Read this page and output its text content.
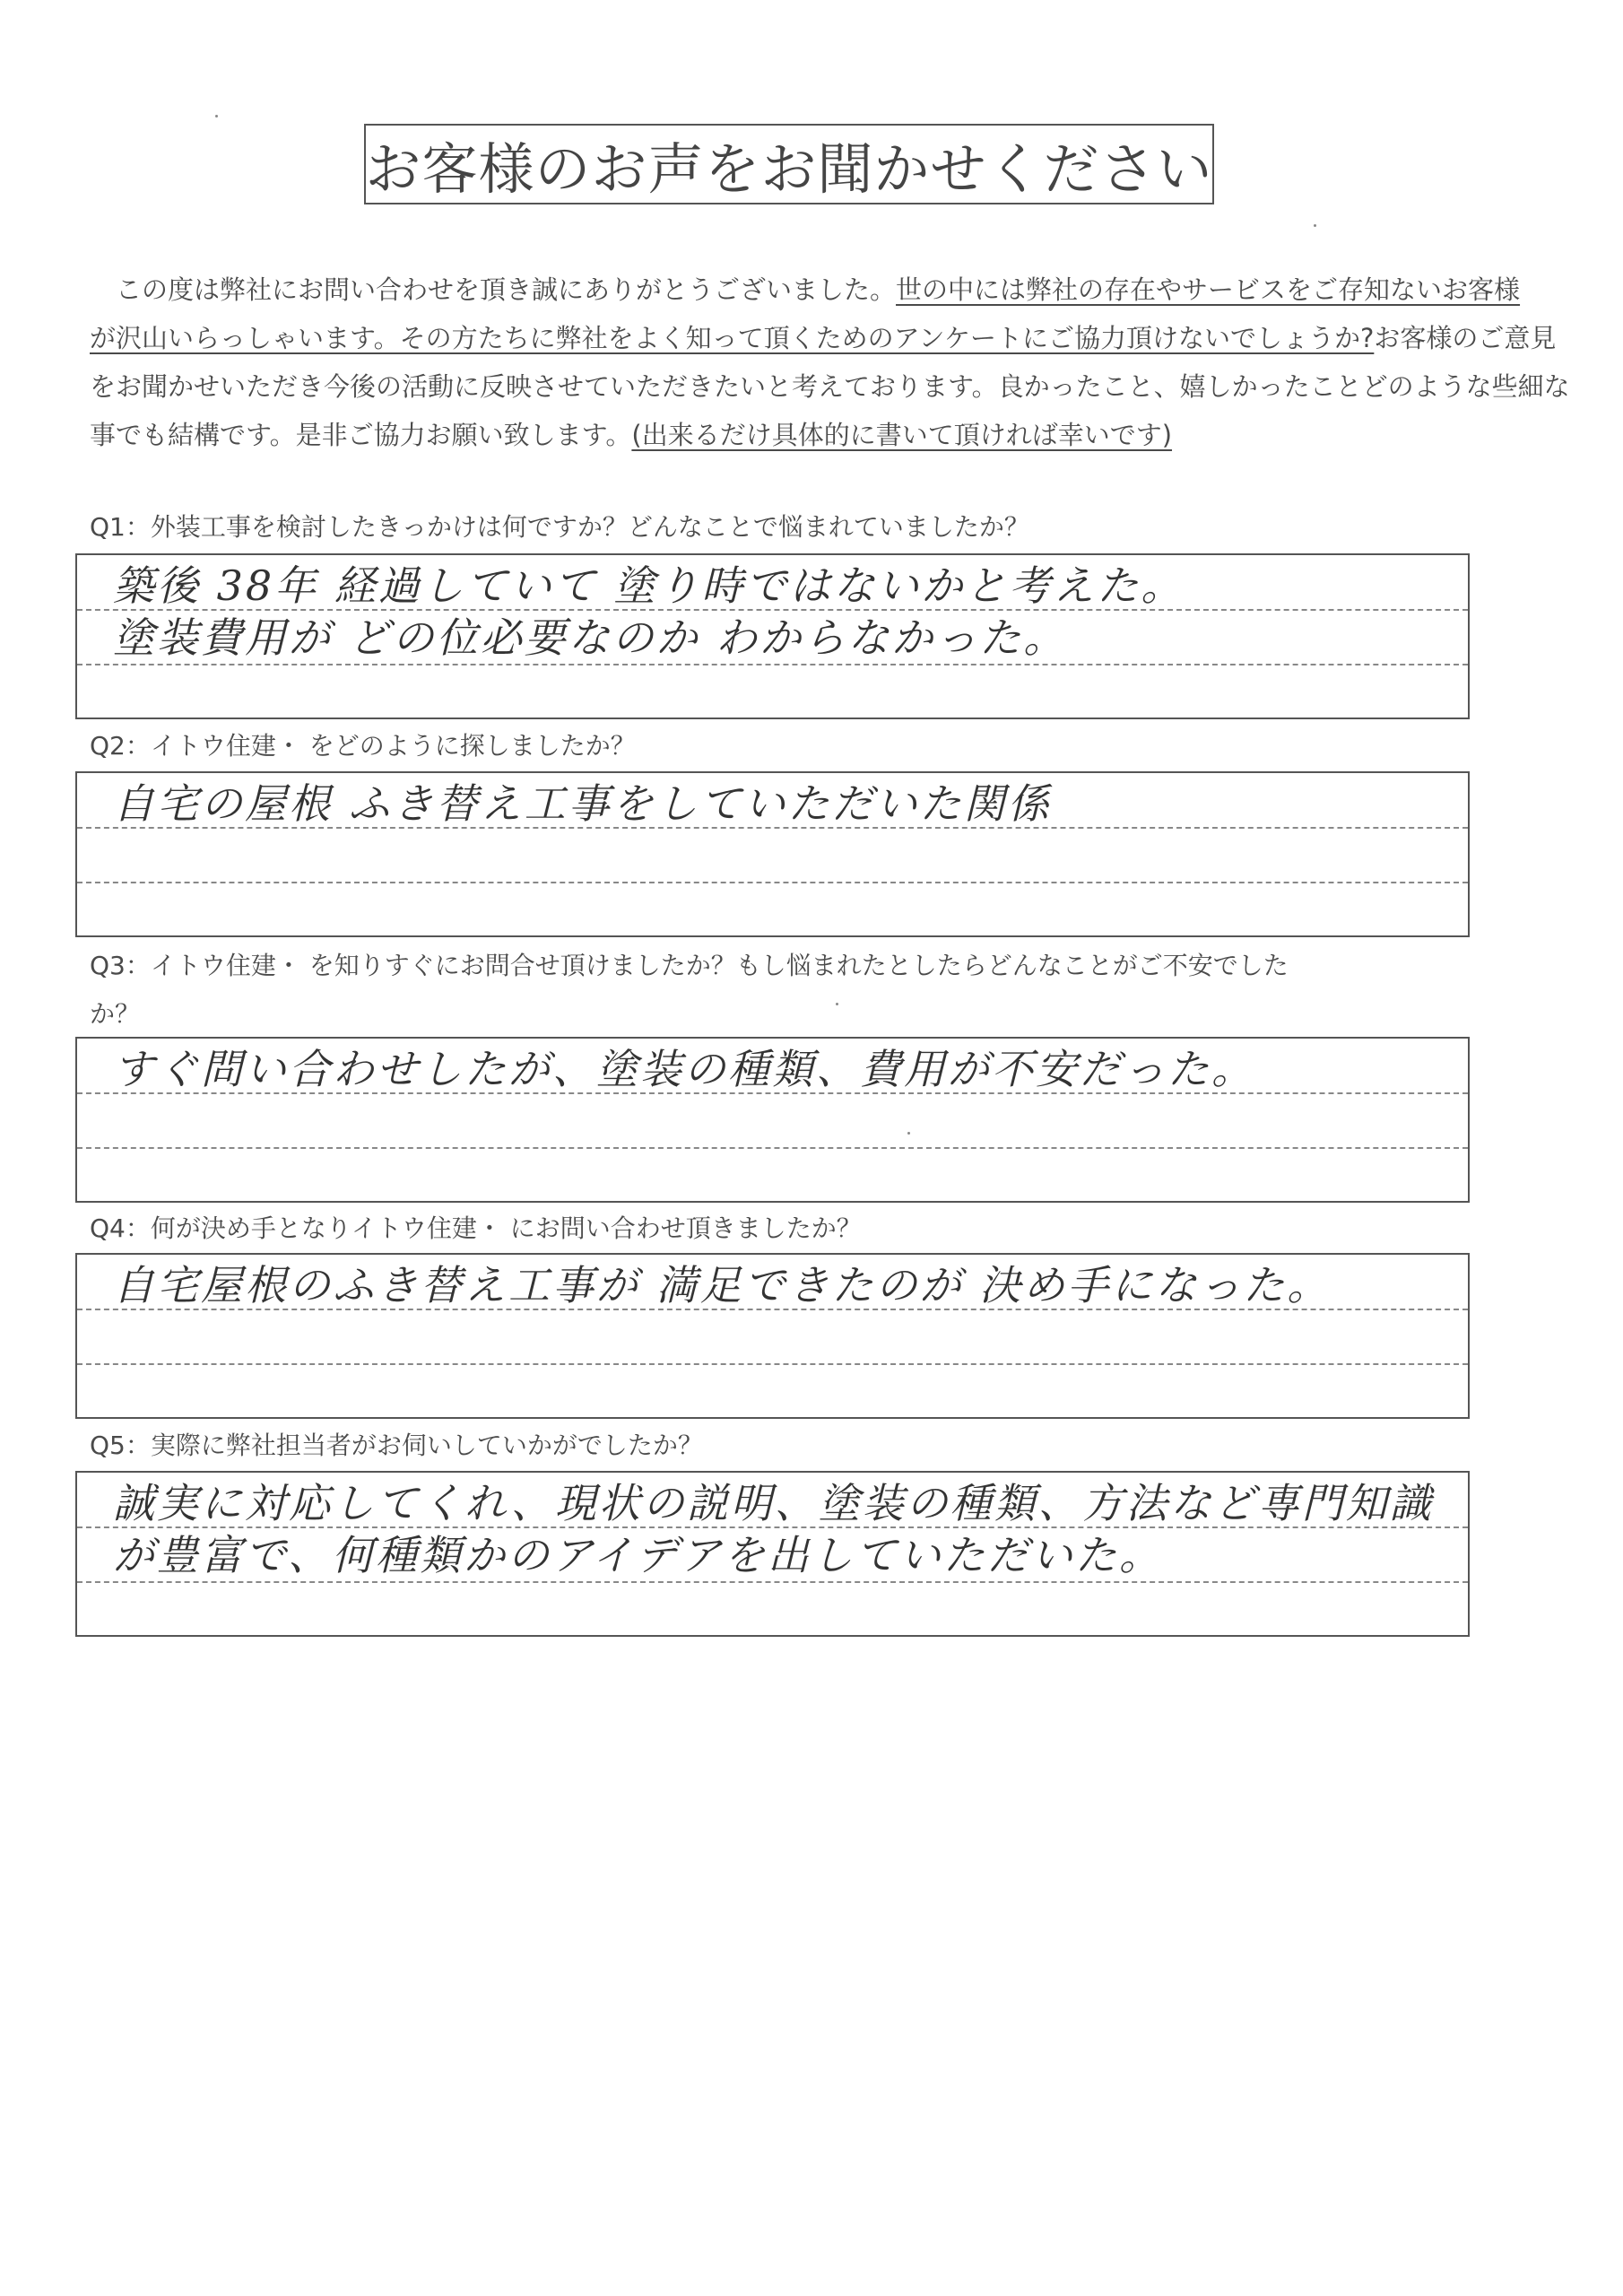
お客様のお声をお聞かせください

　この度は弊社にお問い合わせを頂き誠にありがとうございました。世の中には弊社の存在やサービスをご存知ないお客様

が沢山いらっしゃいます。その方たちに弊社をよく知って頂くためのアンケートにご協力頂けないでしょうか?お客様のご意見

をお聞かせいただき今後の活動に反映させていただきたいと考えております。良かったこと、嬉しかったことどのような些細な

事でも結構です。是非ご協力お願い致します。(出来るだけ具体的に書いて頂ければ幸いです)

Q1：外装工事を検討したきっかけは何ですか？どんなことで悩まれていましたか？
築後 38年 経過していて 塗り時ではないかと考えた。
塗装費用が どの位必要なのか わからなかった。
Q2：イトウ住建・ をどのように探しましたか？
自宅の屋根 ふき替え工事をしていただいた関係
Q3：イトウ住建・ を知りすぐにお問合せ頂けましたか？もし悩まれたとしたらどんなことがご不安でした
か？
すぐ問い合わせしたが、塗装の種類、費用が不安だった。
Q4：何が決め手となりイトウ住建・ にお問い合わせ頂きましたか？
自宅屋根のふき替え工事が 満足できたのが 決め手になった。
Q5：実際に弊社担当者がお伺いしていかがでしたか？
誠実に対応してくれ、現状の説明、塗装の種類、方法など専門知識
が豊富で、何種類かのアイデアを出していただいた。
